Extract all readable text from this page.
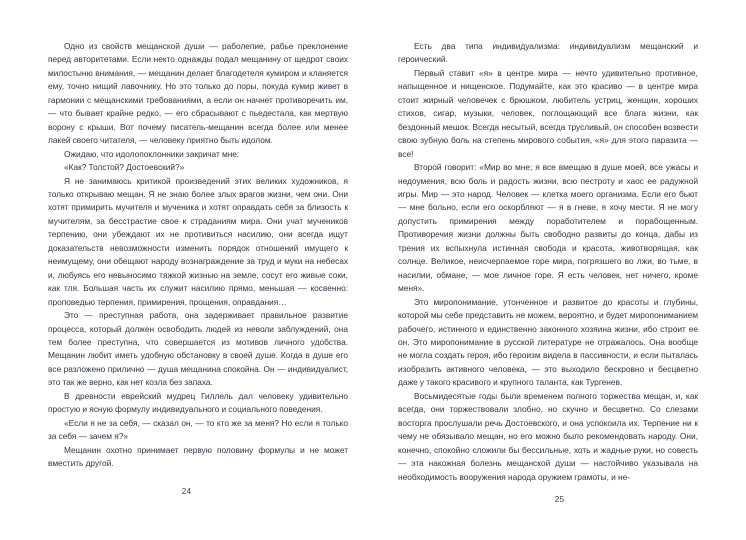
Одно из свойств мещанской души — раболепие, рабье преклонение перед авторитетами. Если некто однажды подал мещанину от щедрот своих милостыню внимания, — мещанин делает благодетеля кумиром и кланяется ему, точно нищий лавочнику. Но это только до поры, покуда кумир живет в гармонии с мещанскими требованиями, а если он начнет противоречить им, — что бывает крайне редко, — его сбрасывают с пьедестала, как мертвую ворону с крыши. Вот почему писатель-мещанин всегда более или менее лакей своего читателя, — человеку приятно быть идолом.

Ожидаю, что идолопоклонники закричат мне:

«Как? Толстой? Достоевский?»

Я не занимаюсь критикой произведений этих великих художников, я только открываю мещан. Я не знаю более злых врагов жизни, чем они. Они хотят примирить мучителя и мученика и хотят оправдать себя за близость к мучителям, за бесстрастие свое к страданиям мира. Они учат мучеников терпению, они убеждают их не противиться насилию, они всегда ищут доказательств невозможности изменить порядок отношений имущего к неимущему, они обещают народу вознаграждение за труд и муки на небесах и, любуясь его невыносимо тяжкой жизнью на земле, сосут его живые соки, как тля. Большая часть их служит насилию прямо, меньшая — косвенно: проповедью терпения, примирения, прощения, оправдания…

Это — преступная работа, она задерживает правильное развитие процесса, который должен освободить людей из неволи заблуждений, она тем более преступна, что совершается из мотивов личного удобства. Мещанин любит иметь удобную обстановку в своей душе. Когда в душе его все разложено прилично — душа мещанина спокойна. Он — индивидуалист, это так же верно, как нет козла без запаха.

В древности еврейский мудрец Гиллель дал человеку удивительно простую и ясную формулу индивидуального и социального поведения.

«Если я не за себя, — сказал он, — то кто же за меня? Но если я только за себя — зачем я?»

Мещанин охотно принимает первую половину формулы и не может вместить другой.

24

Есть два типа индивидуализма: индивидуализм мещанский и героический.

Первый ставит «я» в центре мира — нечто удивительно противное, напыщенное и нищенское. Подумайте, как это красиво — в центре мира стоит жирный человечек с брюшком, любитель устриц, женщин, хороших стихов, сигар, музыки, человек, поглощающий все блага жизни, как бездонный мешок. Всегда несытый, всегда трусливый, он способен возвести свою зубную боль на степень мирового события, «я» для этого паразита — все!

Второй говорит: «Мир во мне; я все вмещаю в душе моей, все ужасы и недоумения, всю боль и радость жизни, всю пестроту и хаос ее радужной игры. Мир — это народ. Человек — клетка моего организма. Если его бьют — мне больно, если его оскорбляют — я в гневе, я хочу мести. Я не могу допустить примирения между поработителем и порабощенным. Противоречия жизни должны быть свободно развиты до конца, дабы из трения их вспыхнула истинная свобода и красота, животворящая, как солнце. Великое, неисчерпаемое горе мира, погрязшего во лжи, во тьме, в насилии, обмане, — мое личное горе. Я есть человек, нет ничего, кроме меня».

Это миропонимание, утонченное и развитое до красоты и глубины, которой мы себе представить не можем, вероятно, и будет миропониманием рабочего, истинного и единственно законного хозяина жизни, ибо строит ее он. Это миропонимание в русской литературе не отражалось. Она вообще не могла создать героя, ибо героизм видела в пассивности, и если пыталась изобразить активного человека, — это выходило бескровно и бесцветно даже у такого красивого и крупного таланта, как Тургенев.

Восьмидесятые годы были временем полного торжества мещан, и, как всегда, они торжествовали злобно, но скучно и бесцветно. Со слезами восторга прослушали речь Достоевского, и она успокоила их. Терпение ни к чему не обязывало мещан, но его можно было рекомендовать народу. Они, конечно, спокойно сложили бы бессильные, хоть и жадные руки, но совесть — эта накожная болезнь мещанской души — настойчиво указывала на необходимость вооружения народа оружием грамоты, и не-

25
